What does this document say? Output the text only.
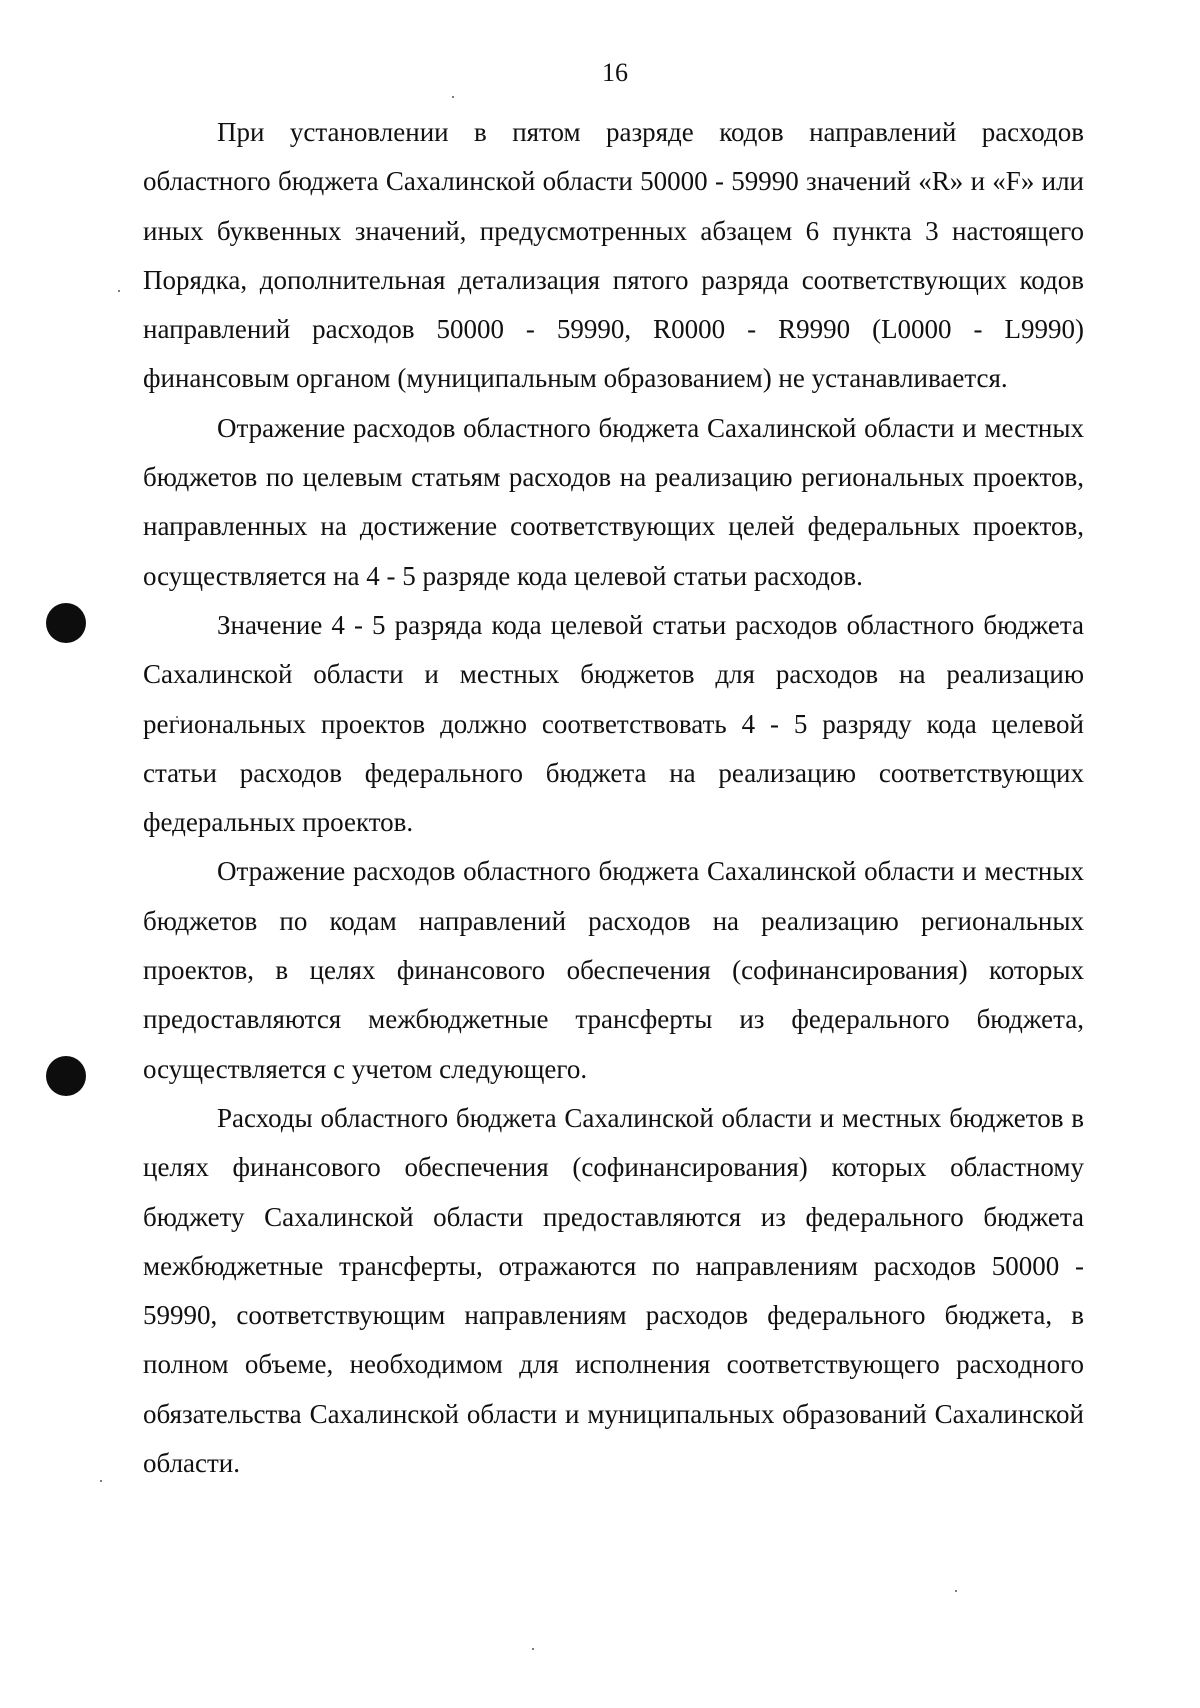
16

При установлении в пятом разряде кодов направлений расходов областного бюджета Сахалинской области 50000 - 59990 значений «R» и «F» или иных буквенных значений, предусмотренных абзацем 6 пункта 3 настоящего Порядка, дополнительная детализация пятого разряда соответствующих кодов направлений расходов 50000 - 59990, R0000 - R9990 (L0000 - L9990) финансовым органом (муниципальным образованием) не устанавливается.

Отражение расходов областного бюджета Сахалинской области и местных бюджетов по целевым статьям расходов на реализацию региональных проектов, направленных на достижение соответствующих целей федеральных проектов, осуществляется на 4 - 5 разряде кода целевой статьи расходов.

Значение 4 - 5 разряда кода целевой статьи расходов областного бюджета Сахалинской области и местных бюджетов для расходов на реализацию региональных проектов должно соответствовать 4 - 5 разряду кода целевой статьи расходов федерального бюджета на реализацию соответствующих федеральных проектов.

Отражение расходов областного бюджета Сахалинской области и местных бюджетов по кодам направлений расходов на реализацию региональных проектов, в целях финансового обеспечения (софинансирования) которых предоставляются межбюджетные трансферты из федерального бюджета, осуществляется с учетом следующего.

Расходы областного бюджета Сахалинской области и местных бюджетов в целях финансового обеспечения (софинансирования) которых областному бюджету Сахалинской области предоставляются из федерального бюджета межбюджетные трансферты, отражаются по направлениям расходов 50000 - 59990, соответствующим направлениям расходов федерального бюджета, в полном объеме, необходимом для исполнения соответствующего расходного обязательства Сахалинской области и муниципальных образований Сахалинской области.
